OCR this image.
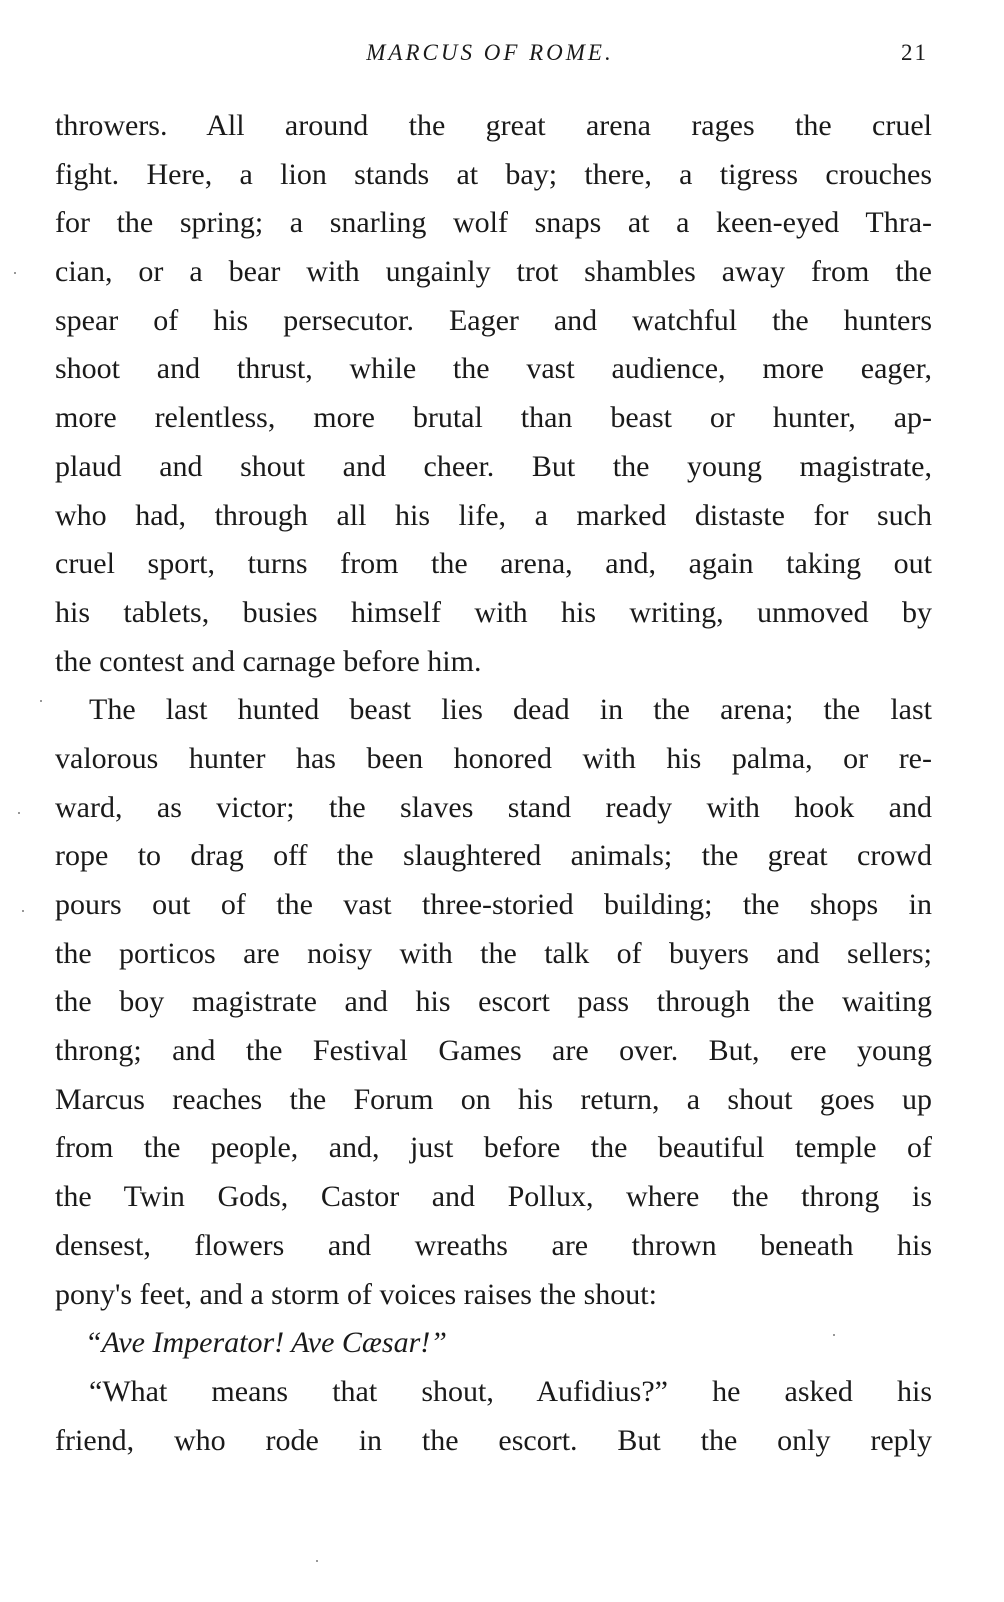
MARCUS OF ROME.	21
throwers. All around the great arena rages the cruel
fight. Here, a lion stands at bay; there, a tigress crouches
for the spring; a snarling wolf snaps at a keen-eyed Thra-
cian, or a bear with ungainly trot shambles away from the
spear of his persecutor. Eager and watchful the hunters
shoot and thrust, while the vast audience, more eager,
more relentless, more brutal than beast or hunter, ap-
plaud and shout and cheer. But the young magistrate,
who had, through all his life, a marked distaste for such
cruel sport, turns from the arena, and, again taking out
his tablets, busies himself with his writing, unmoved by
the contest and carnage before him.
The last hunted beast lies dead in the arena; the last
valorous hunter has been honored with his palma, or re-
ward, as victor; the slaves stand ready with hook and
rope to drag off the slaughtered animals; the great crowd
pours out of the vast three-storied building; the shops in
the porticos are noisy with the talk of buyers and sellers;
the boy magistrate and his escort pass through the waiting
throng; and the Festival Games are over. But, ere young
Marcus reaches the Forum on his return, a shout goes up
from the people, and, just before the beautiful temple of
the Twin Gods, Castor and Pollux, where the throng is
densest, flowers and wreaths are thrown beneath his
pony's feet, and a storm of voices raises the shout:
“Ave Imperator! Ave Cæsar!”
“What means that shout, Aufidius?” he asked his
friend, who rode in the escort. But the only reply
